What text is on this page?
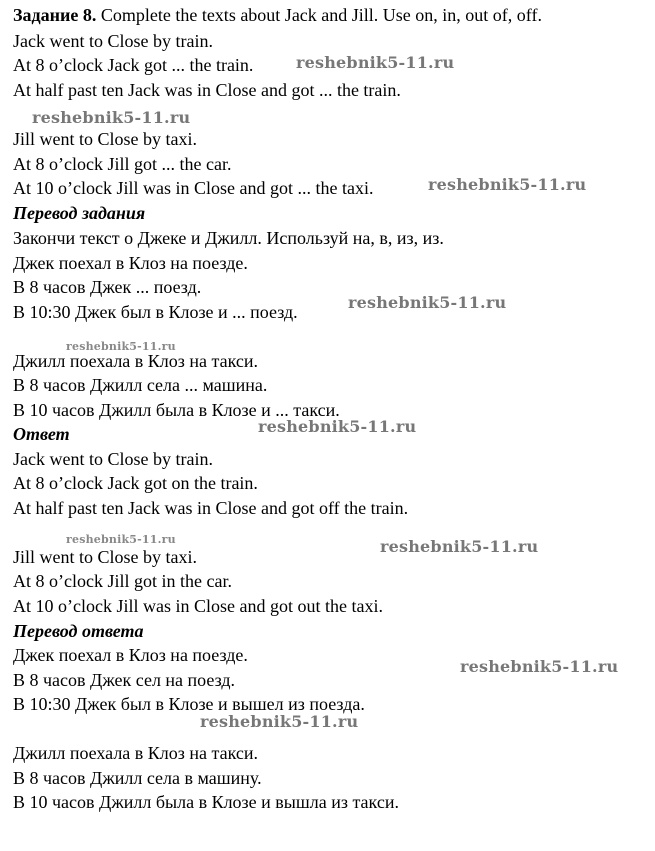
Задание 8. Complete the texts about Jack and Jill. Use on, in, out of, off.
Jack went to Close by train.
At 8 o’clock Jack got ... the train.
At half past ten Jack was in Close and got ... the train.
Jill went to Close by taxi.
At 8 o’clock Jill got ... the car.
At 10 o’clock Jill was in Close and got ... the taxi.
Перевод задания
Закончи текст о Джеке и Джилл. Используй на, в, из, из.
Джек поехал в Клоз на поезде.
В 8 часов Джек ... поезд.
В 10:30 Джек был в Клозе и ... поезд.
Джилл поехала в Клоз на такси.
В 8 часов Джилл села ... машина.
В 10 часов Джилл была в Клозе и ... такси.
Ответ
Jack went to Close by train.
At 8 o’clock Jack got on the train.
At half past ten Jack was in Close and got off the train.
Jill went to Close by taxi.
At 8 o’clock Jill got in the car.
At 10 o’clock Jill was in Close and got out the taxi.
Перевод ответа
Джек поехал в Клоз на поезде.
В 8 часов Джек сел на поезд.
В 10:30 Джек был в Клозе и вышел из поезда.
Джилл поехала в Клоз на такси.
В 8 часов Джилл села в машину.
В 10 часов Джилл была в Клозе и вышла из такси.
reshebnik5-11.ru
reshebnik5-11.ru
reshebnik5-11.ru
reshebnik5-11.ru
reshebnik5-11.ru
reshebnik5-11.ru
reshebnik5-11.ru	reshebnik5-11.ru
reshebnik5-11.ru
reshebnik5-11.ru
